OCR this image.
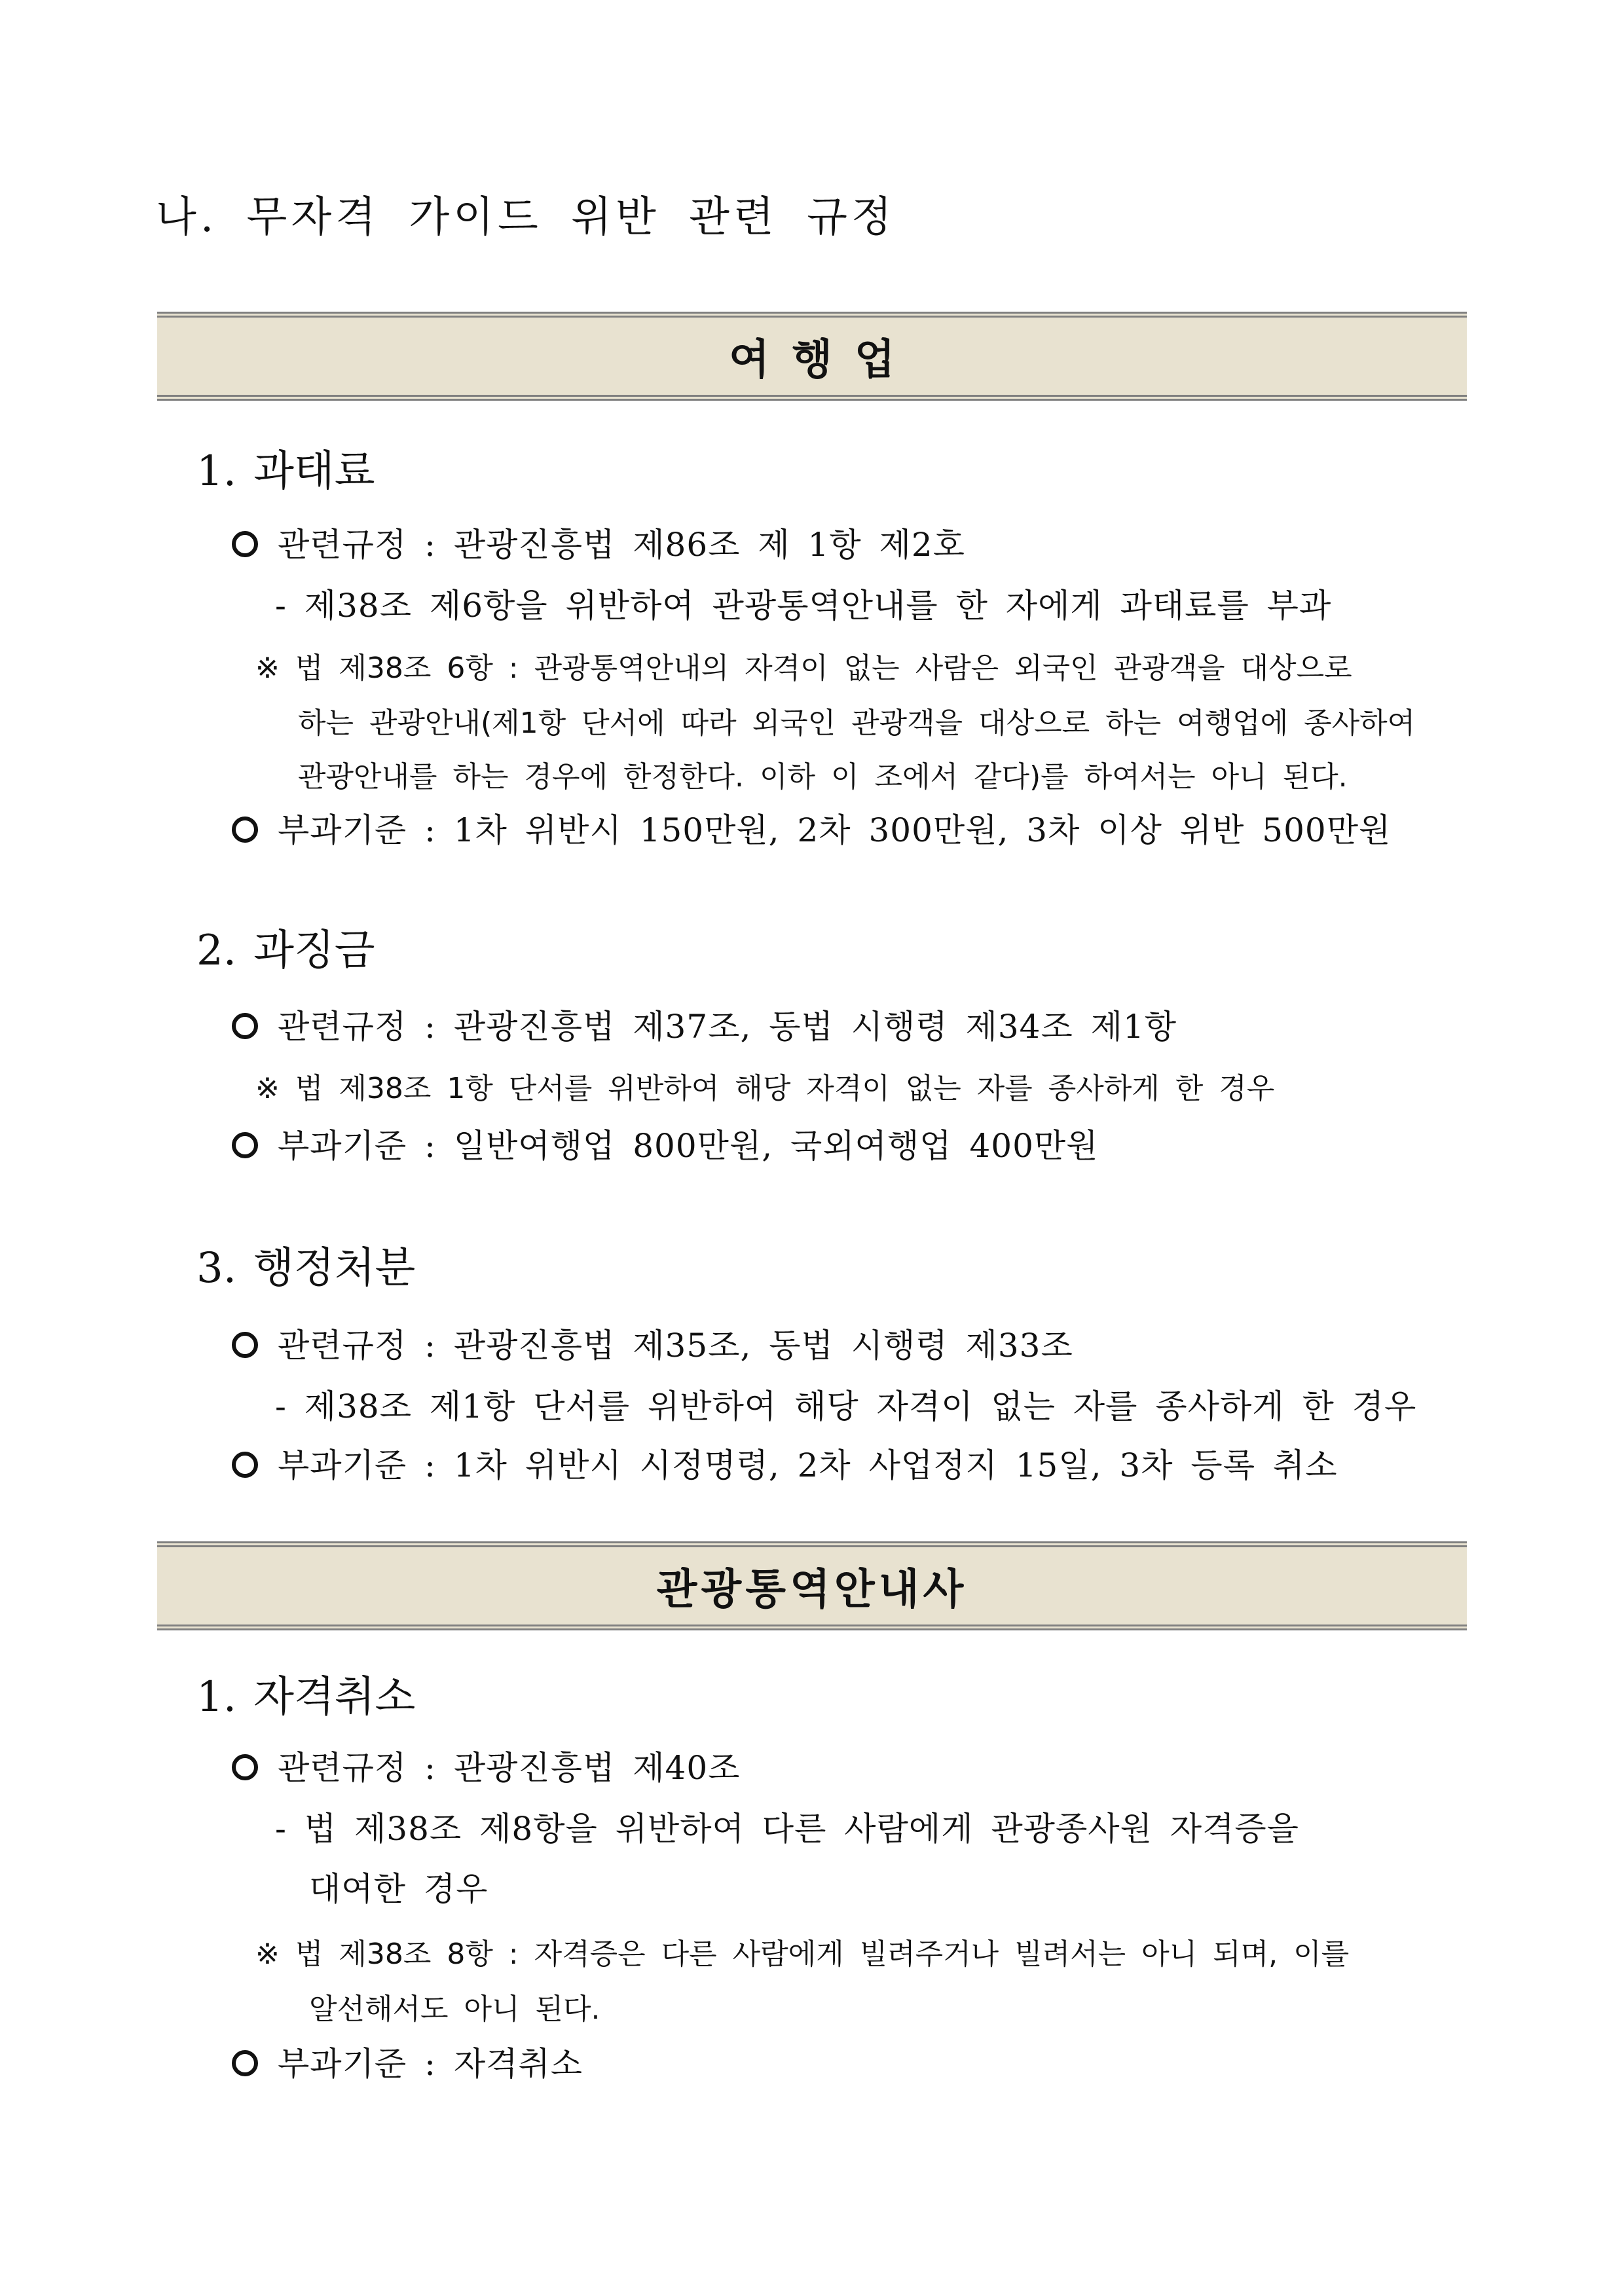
나. 무자격 가이드 위반 관련 규정
여행업
1. 과태료
관련규정 : 관광진흥법 제86조 제 1항 제2호
- 제38조 제6항을 위반하여 관광통역안내를 한 자에게 과태료를 부과
※ 법 제38조 6항 : 관광통역안내의 자격이 없는 사람은 외국인 관광객을 대상으로
하는 관광안내(제1항 단서에 따라 외국인 관광객을 대상으로 하는 여행업에 종사하여
관광안내를 하는 경우에 한정한다. 이하 이 조에서 같다)를 하여서는 아니 된다.
부과기준 : 1차 위반시 150만원, 2차 300만원, 3차 이상 위반 500만원
2. 과징금
관련규정 : 관광진흥법 제37조, 동법 시행령 제34조 제1항
※ 법 제38조 1항 단서를 위반하여 해당 자격이 없는 자를 종사하게 한 경우
부과기준 : 일반여행업 800만원, 국외여행업 400만원
3. 행정처분
관련규정 : 관광진흥법 제35조, 동법 시행령 제33조
- 제38조 제1항 단서를 위반하여 해당 자격이 없는 자를 종사하게 한 경우
부과기준 : 1차 위반시 시정명령, 2차 사업정지 15일, 3차 등록 취소
관광통역안내사
1. 자격취소
관련규정 : 관광진흥법 제40조
- 법 제38조 제8항을 위반하여 다른 사람에게 관광종사원 자격증을
대여한 경우
※ 법 제38조 8항 : 자격증은 다른 사람에게 빌려주거나 빌려서는 아니 되며, 이를
알선해서도 아니 된다.
부과기준 : 자격취소
